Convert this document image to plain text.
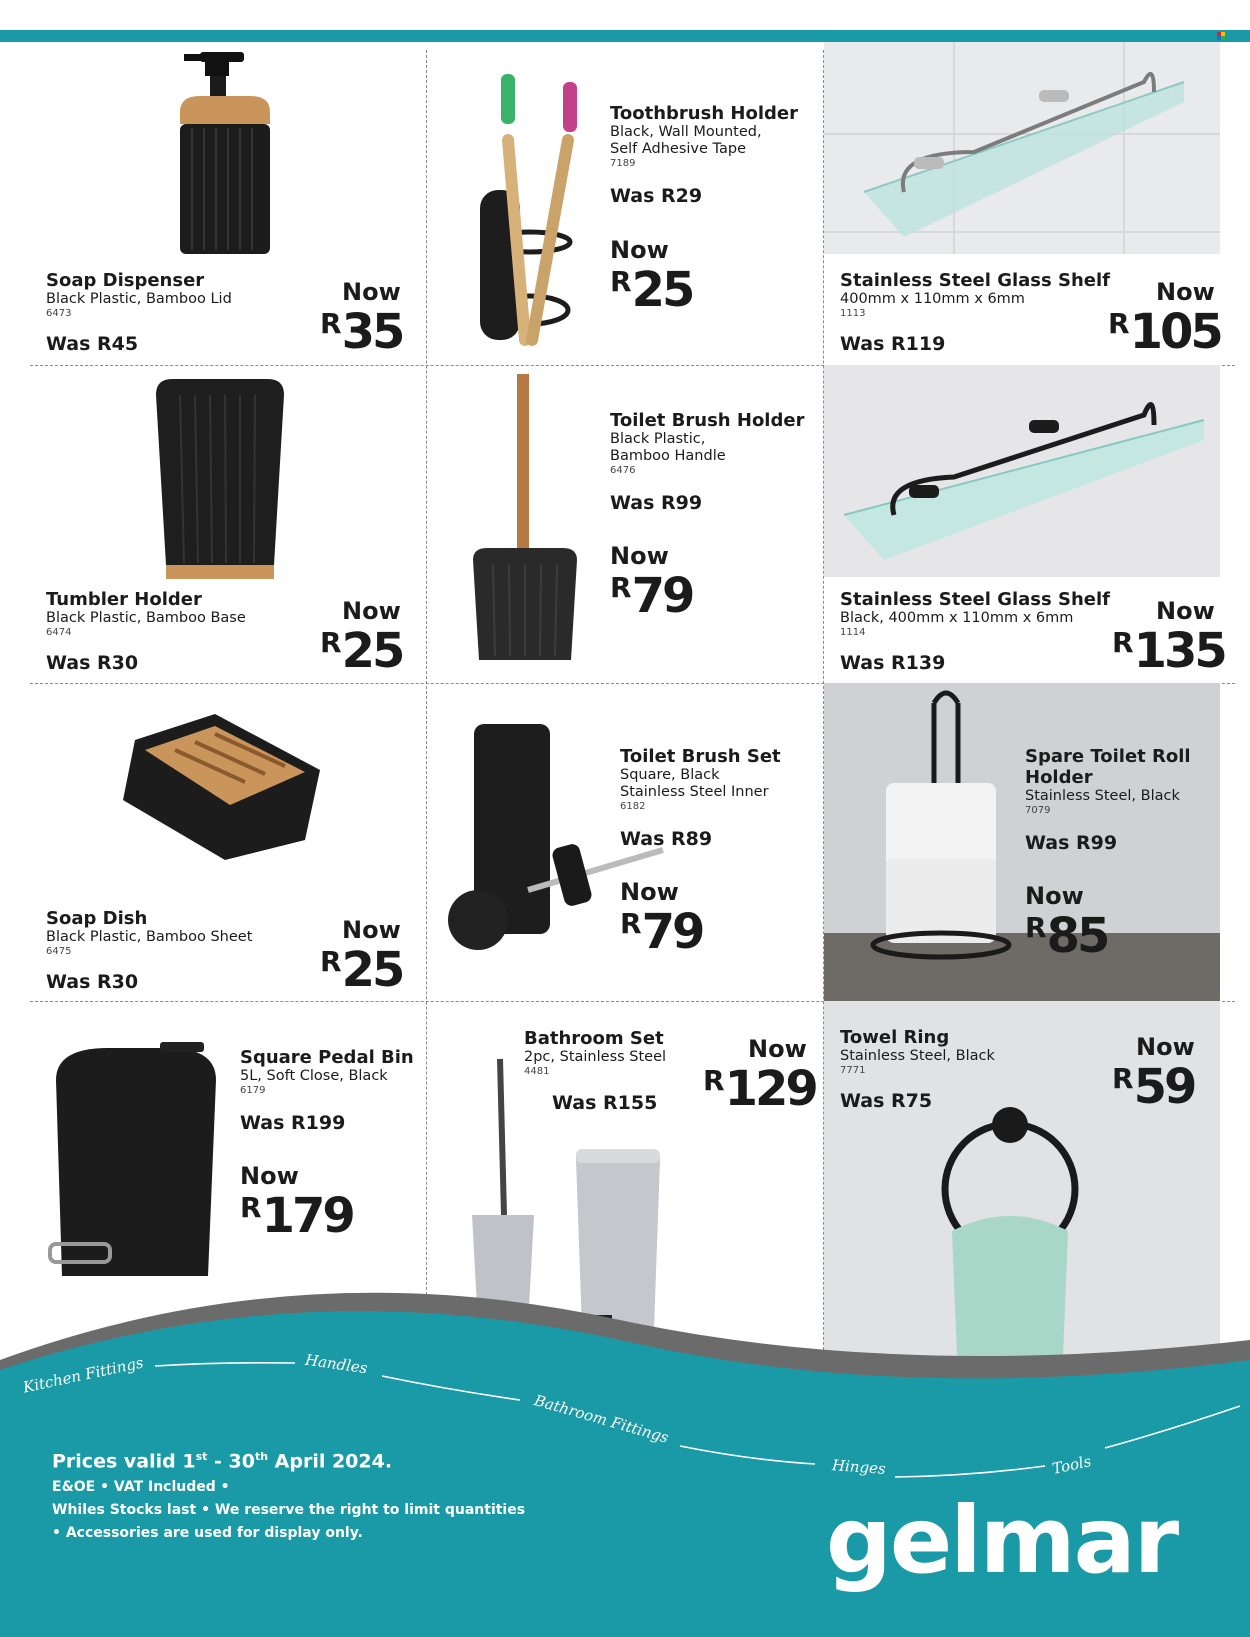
Soap Dispenser
Black Plastic, Bamboo Lid
6473
Was R45
Now
R35
Toothbrush Holder
Black, Wall Mounted,
Self Adhesive Tape
7189
Was R29
Now
R25	Stainless Steel Glass Shelf
400mm x 110mm x 6mm
1113
Was R119
Now
R105
Tumbler Holder
Black Plastic, Bamboo Base
6474
Was R30
Now
R25
Toilet Brush Holder
Black Plastic,
Bamboo Handle
6476
Was R99
Now
R79	Stainless Steel Glass Shelf
Black, 400mm x 110mm x 6mm
1114
Was R139
Now
R135
Soap Dish
Black Plastic, Bamboo Sheet
6475
Was R30
Now
R25
Toilet Brush Set
Square, Black
Stainless Steel Inner
6182
Was R89
Now
R79
Spare Toilet Roll
Holder
Stainless Steel, Black
7079
Was R99
Now
R85
Square Pedal Bin
5L, Soft Close, Black
6179
Was R199
Now
R179
Bathroom Set
2pc, Stainless Steel
4481
Was R155
Now
R129
Towel Ring
Stainless Steel, Black
7771
Was R75
Now
R59
Kitchen Fittings	Handles
Bathroom Fittings
Hinges	Tools
Prices valid 1st - 30th April 2024.
E&OE • VAT Included •
Whiles Stocks last • We reserve the right to limit quantities
• Accessories are used for display only.	gelmar
